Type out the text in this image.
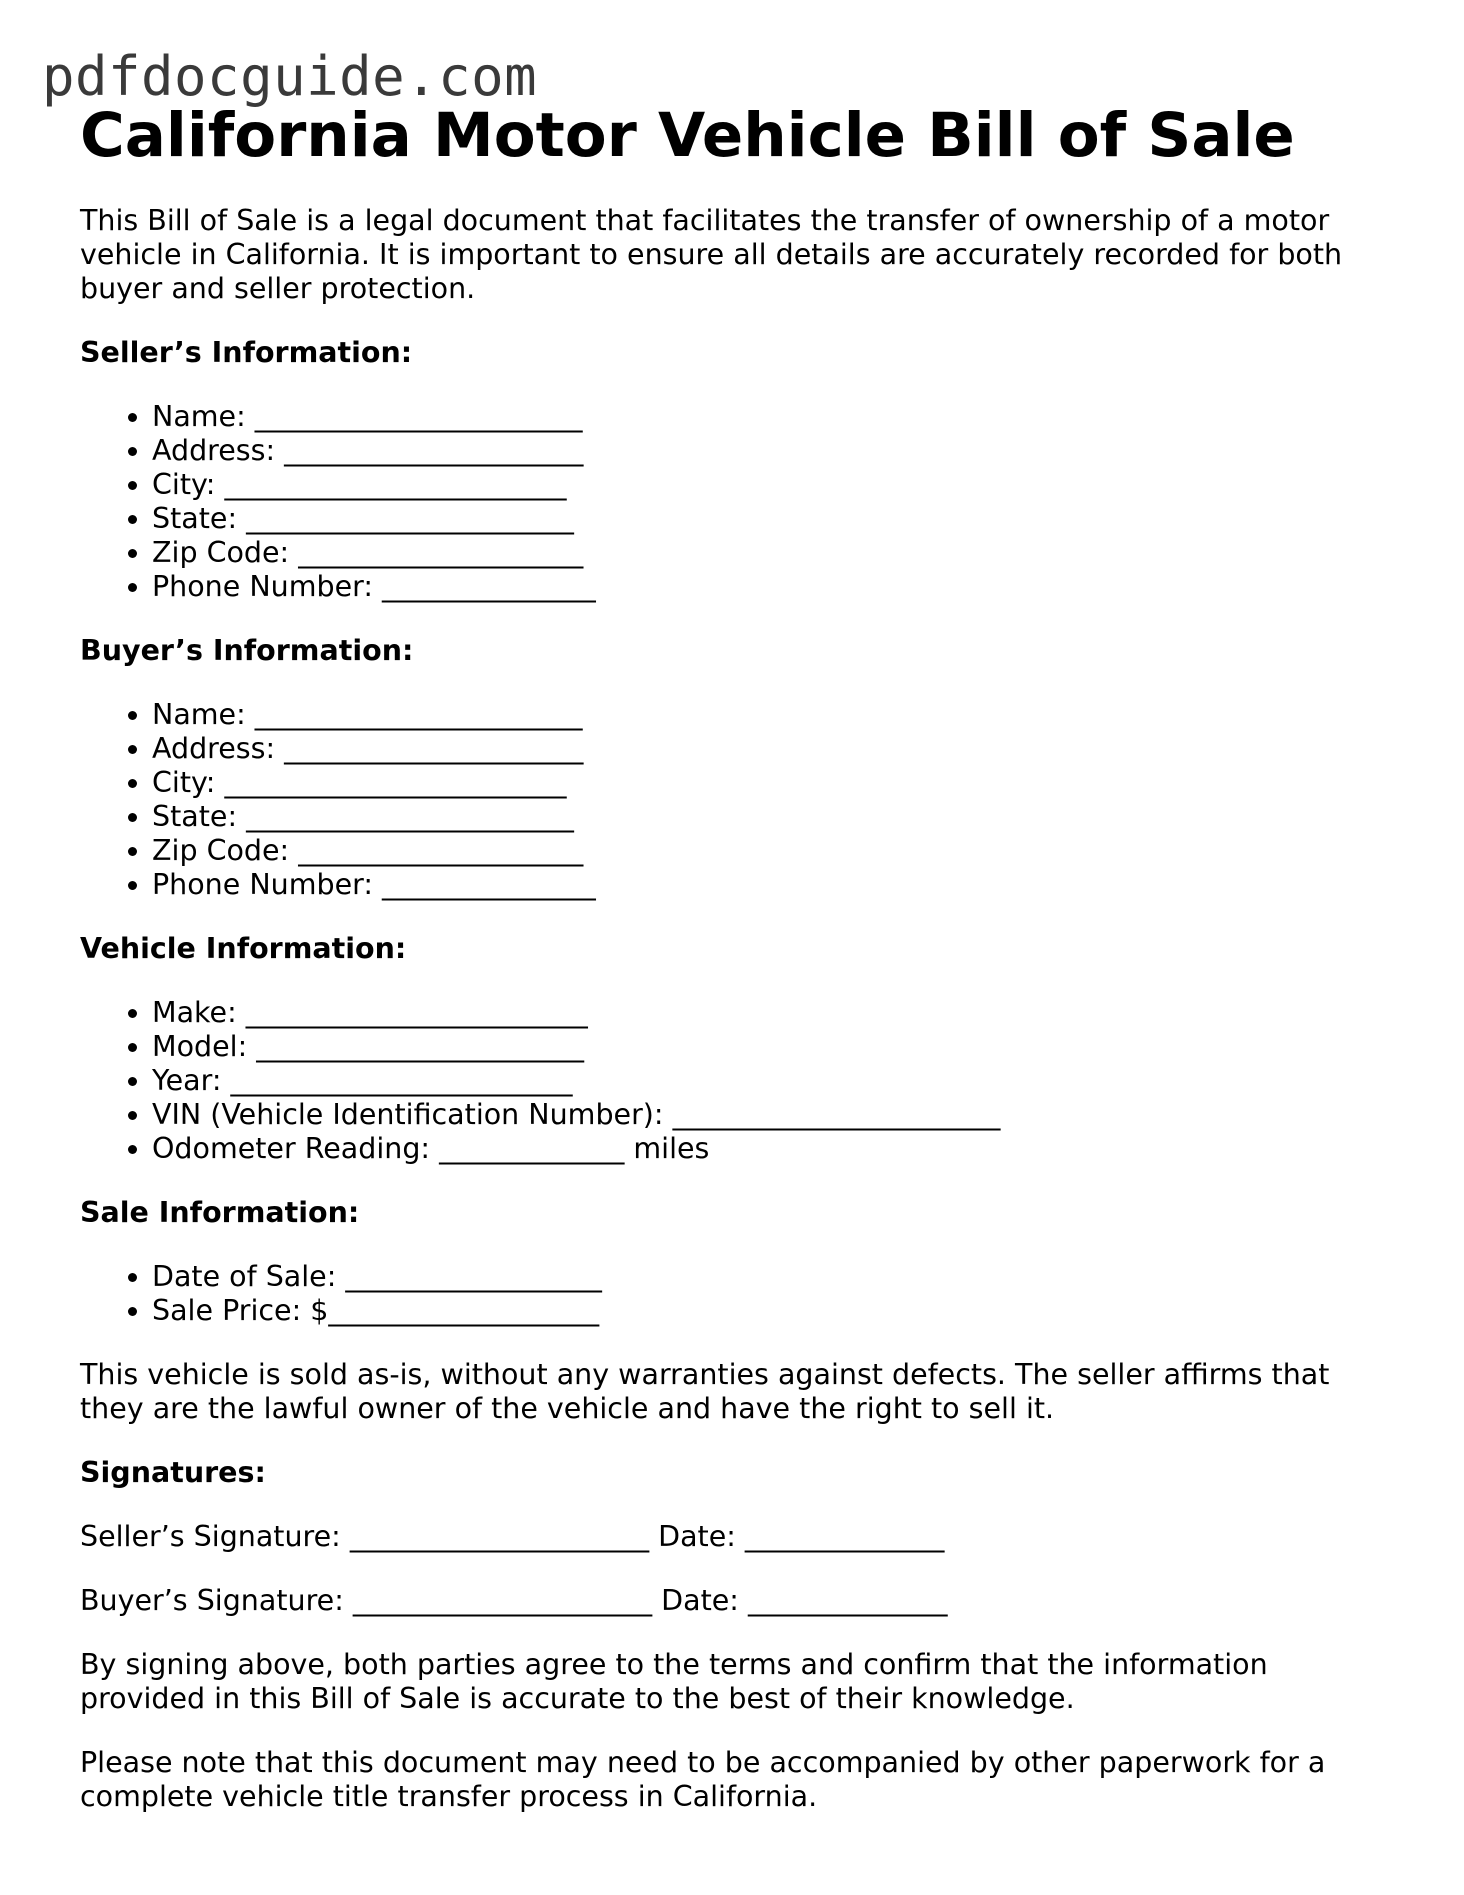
pdfdocguide.com
California Motor Vehicle Bill of Sale

This Bill of Sale is a legal document that facilitates the transfer of ownership of a motor vehicle in California. It is important to ensure all details are accurately recorded for both buyer and seller protection.

Seller’s Information:
• Name: _______________________
• Address: _____________________
• City: ________________________
• State: _______________________
• Zip Code: ____________________
• Phone Number: _______________
Buyer’s Information:
• Name: _______________________
• Address: _____________________
• City: ________________________
• State: _______________________
• Zip Code: ____________________
• Phone Number: _______________
Vehicle Information:
• Make: ________________________
• Model: _______________________
• Year: ________________________
• VIN (Vehicle Identification Number): _______________________
• Odometer Reading: _____________ miles
Sale Information:
• Date of Sale: __________________
• Sale Price: $___________________

This vehicle is sold as-is, without any warranties against defects. The seller affirms that they are the lawful owner of the vehicle and have the right to sell it.

Signatures:

Seller’s Signature: _____________________ Date: ______________

Buyer’s Signature: _____________________ Date: ______________

By signing above, both parties agree to the terms and confirm that the information provided in this Bill of Sale is accurate to the best of their knowledge.

Please note that this document may need to be accompanied by other paperwork for a complete vehicle title transfer process in California.
